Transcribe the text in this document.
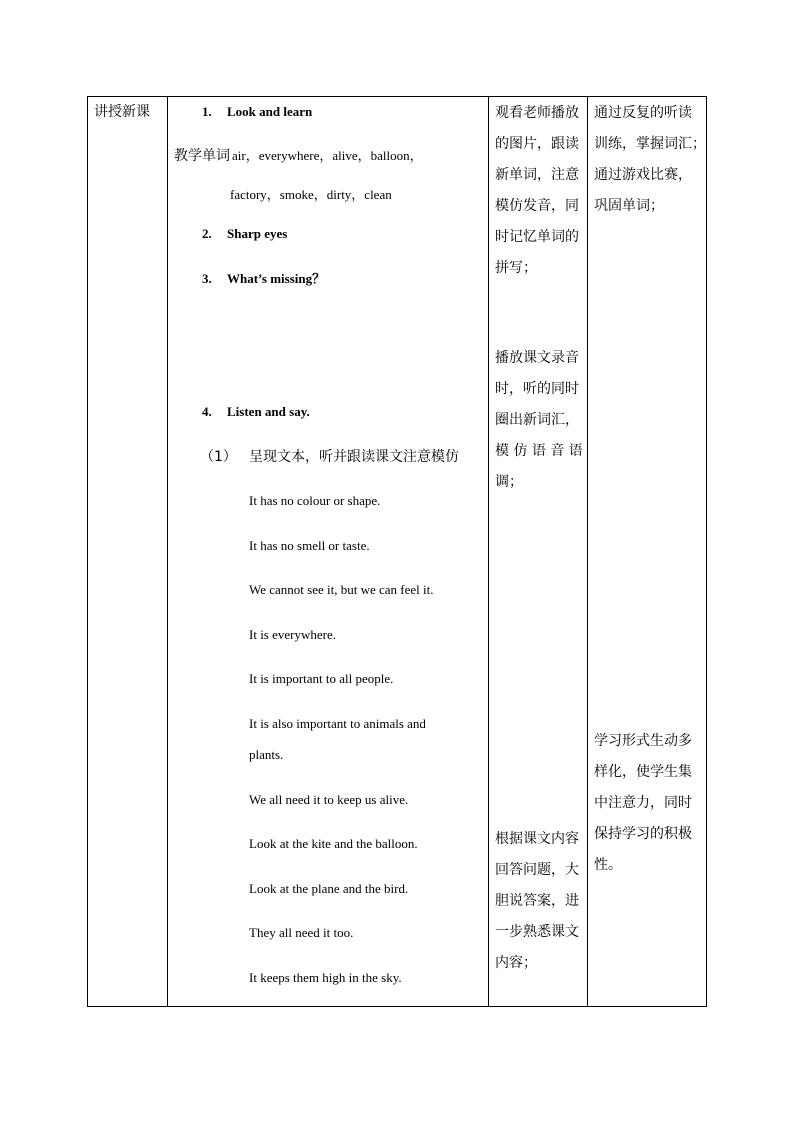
讲授新课	1. Look and learn
教学单词 air，everywhere，alive，balloon，
factory，smoke，dirty，clean
2. Sharp eyes
3. What’s missing？
4. Listen and say.
（1） 呈现文本，听并跟读课文注意模仿
It has no colour or shape.
It has no smell or taste.
We cannot see it, but we can feel it.
It is everywhere.
It is important to all people.
It is also important to animals and
plants.
We all need it to keep us alive.
Look at the kite and the balloon.
Look at the plane and the bird.
They all need it too.
It keeps them high in the sky.
观看老师播放
的图片，跟读
新单词，注意
模仿发音，同
时记忆单词的
拼写；
播放课文录音
时，听的同时
圈出新词汇，
模 仿 语 音 语
调；
根据课文内容
回答问题，大
胆说答案，进
一步熟悉课文
内容；
通过反复的听读
训练，掌握词汇；
通过游戏比赛，
巩固单词；
学习形式生动多
样化，使学生集
中注意力，同时
保持学习的积极
性。
